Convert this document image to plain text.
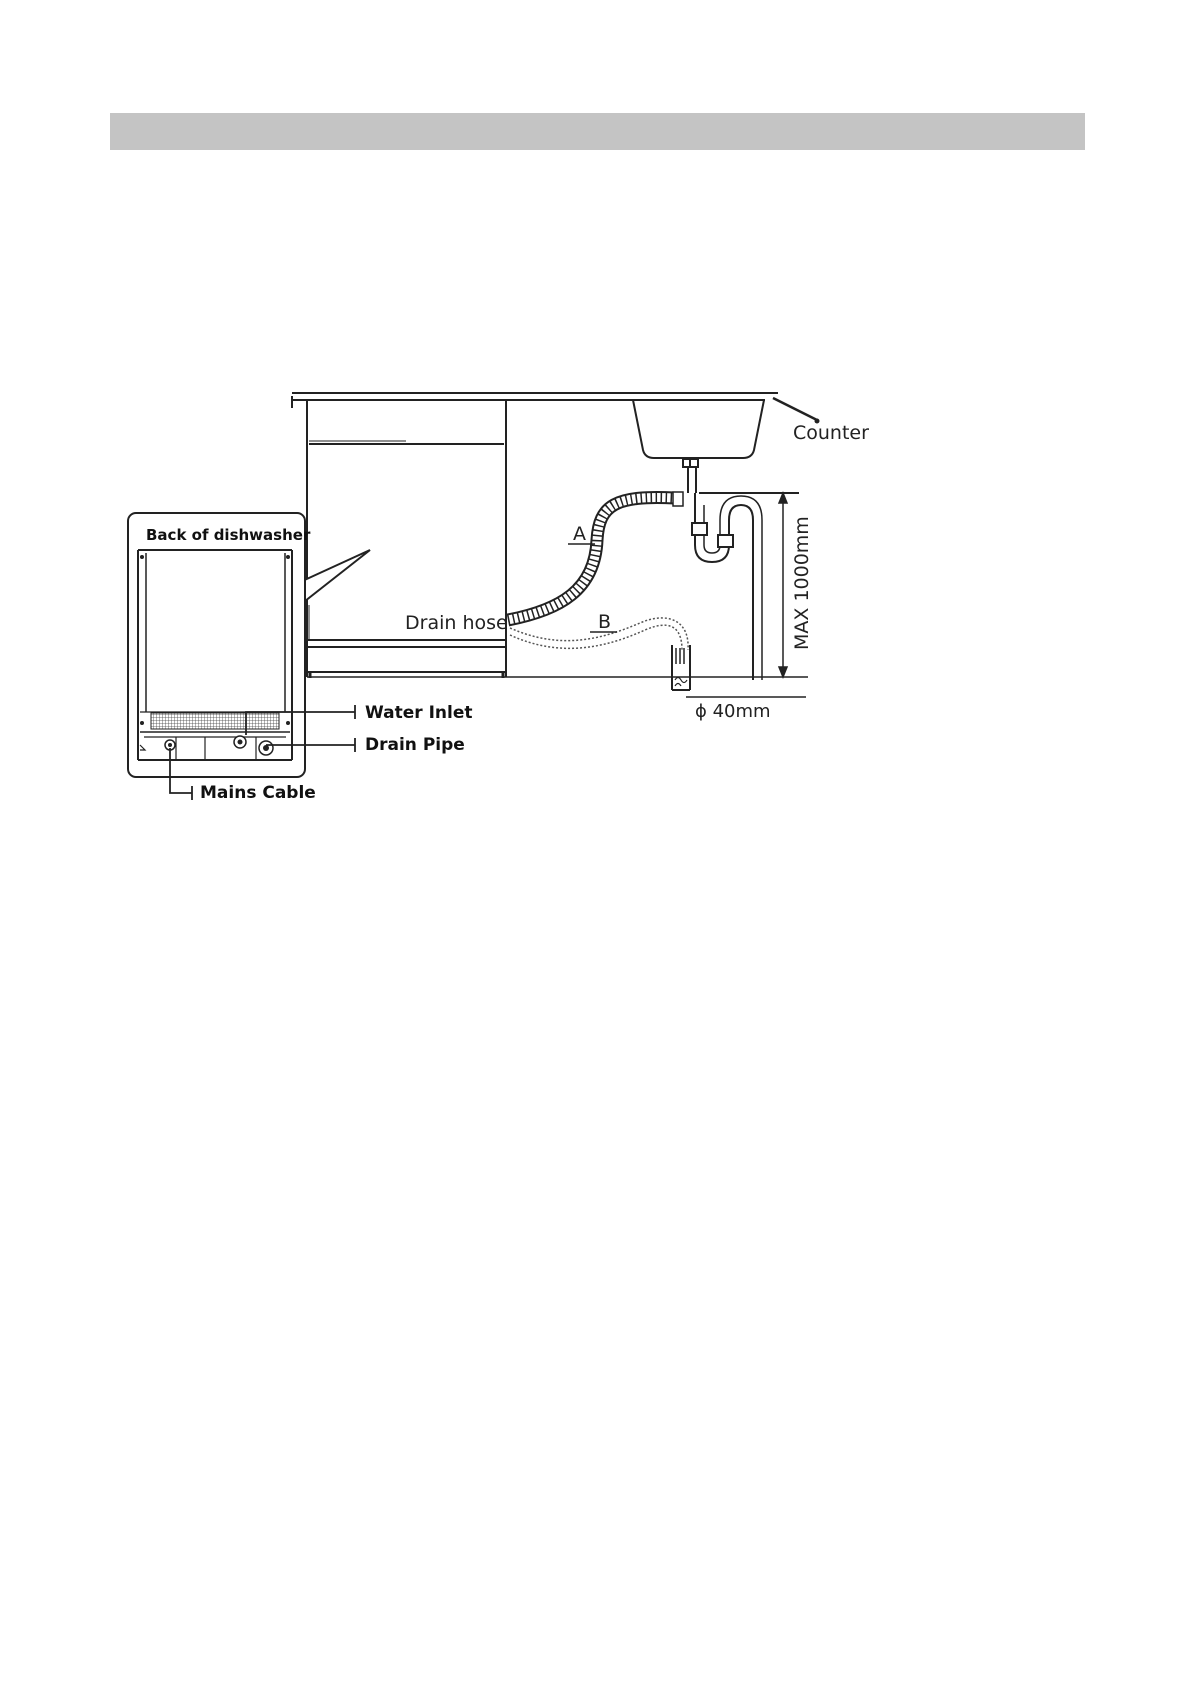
Counter
MAX 1000mm
A
B
Drain hose
ϕ 40mm
Back of dishwasher
Water Inlet
Drain Pipe
Mains Cable
